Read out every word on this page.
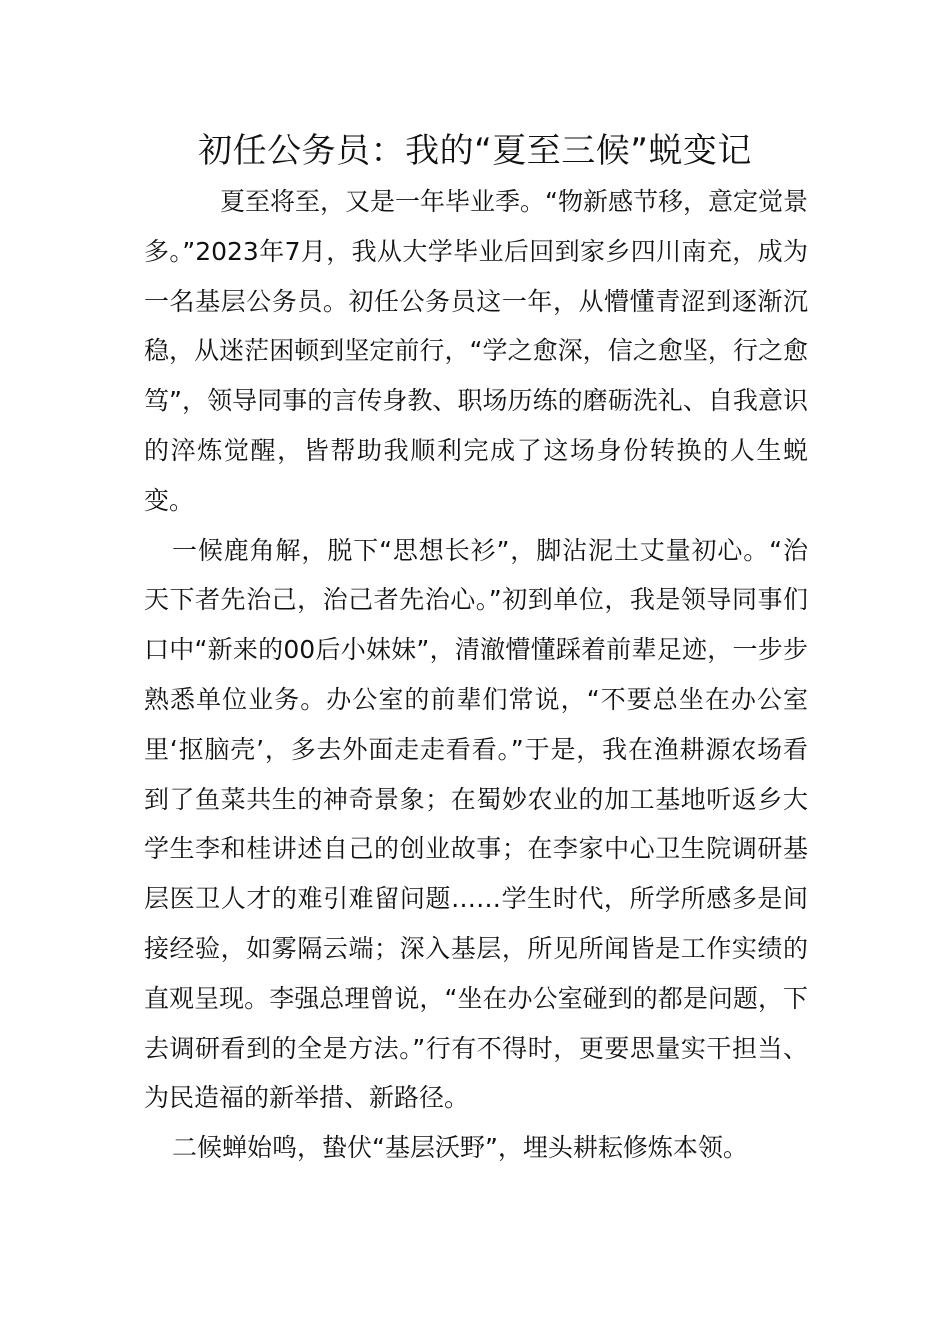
初任公务员：我的“夏至三候”蜕变记

夏至将至，又是一年毕业季。“物新感节移，意定觉景多。”2023年7月，我从大学毕业后回到家乡四川南充，成为一名基层公务员。初任公务员这一年，从懵懂青涩到逐渐沉稳，从迷茫困顿到坚定前行，“学之愈深，信之愈坚，行之愈笃”，领导同事的言传身教、职场历练的磨砺洗礼、自我意识的淬炼觉醒，皆帮助我顺利完成了这场身份转换的人生蜕变。

一候鹿角解，脱下“思想长衫”，脚沾泥土丈量初心。“治天下者先治己，治己者先治心。”初到单位，我是领导同事们口中“新来的00后小妹妹”，清澈懵懂踩着前辈足迹，一步步熟悉单位业务。办公室的前辈们常说，“不要总坐在办公室里‘抠脑壳’，多去外面走走看看。”于是，我在渔耕源农场看到了鱼菜共生的神奇景象；在蜀妙农业的加工基地听返乡大学生李和桂讲述自己的创业故事；在李家中心卫生院调研基层医卫人才的难引难留问题……学生时代，所学所感多是间接经验，如雾隔云端；深入基层，所见所闻皆是工作实绩的直观呈现。李强总理曾说，“坐在办公室碰到的都是问题，下去调研看到的全是方法。”行有不得时，更要思量实干担当、为民造福的新举措、新路径。

二候蝉始鸣，蛰伏“基层沃野”，埋头耕耘修炼本领。
